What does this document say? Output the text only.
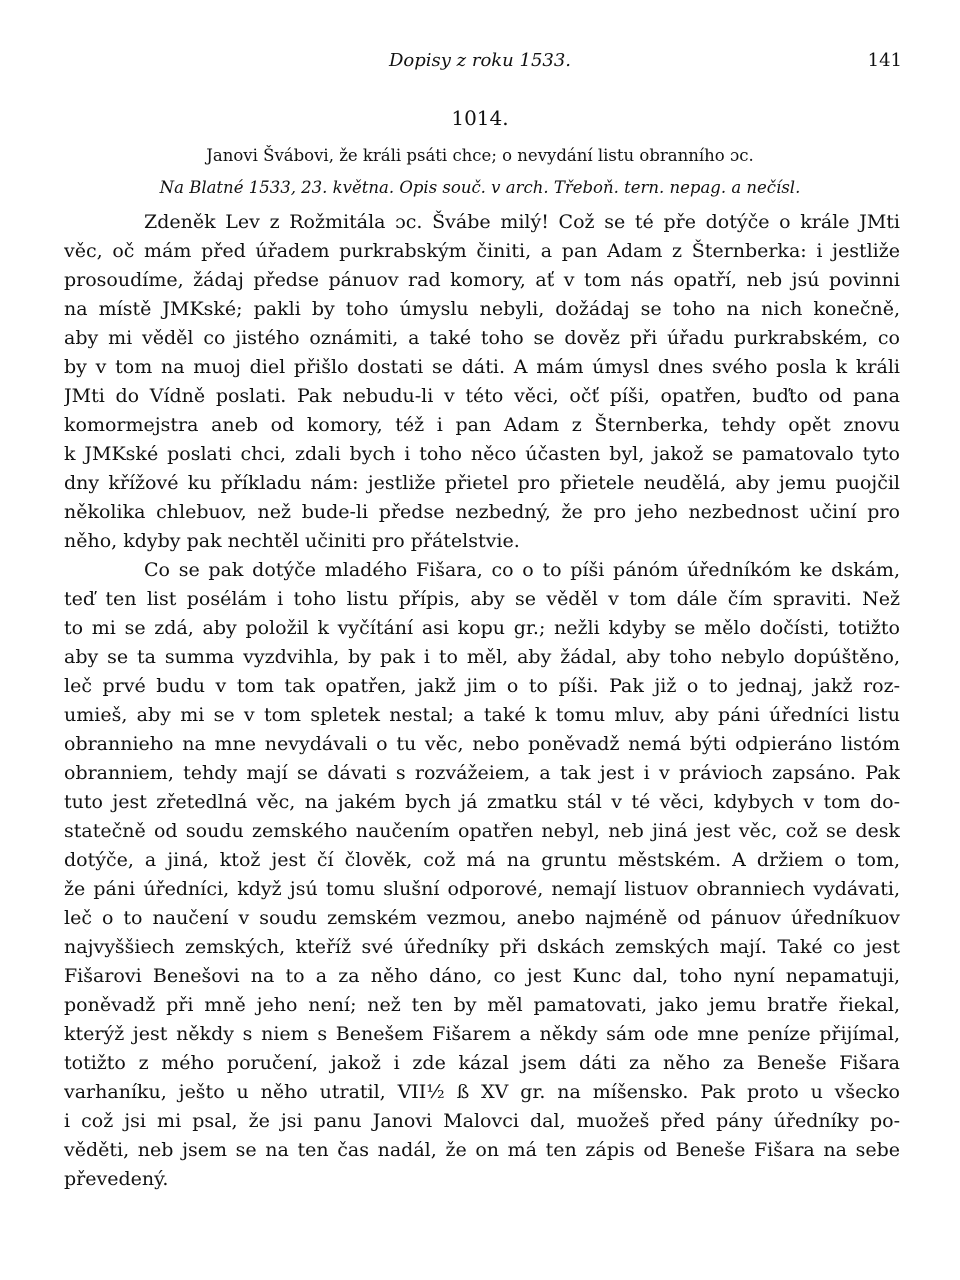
Dopisy z roku 1533.	141
1014.
Janovi Švábovi, že králi psáti chce; o nevydání listu obranního ɔc.
Na Blatné 1533, 23. května. Opis souč. v arch. Třeboň. tern. nepag. a nečísl.
Zdeněk Lev z Rožmitála ɔc. Švábe milý! Což se té pře dotýče o krále JMti
věc, oč mám před úřadem purkrabským činiti, a pan Adam z Šternberka: i jestliže
prosoudíme, žádaj předse pánuov rad komory, ať v tom nás opatří, neb jsú povinni
na místě JMKské; pakli by toho úmyslu nebyli, dožádaj se toho na nich konečně,
aby mi věděl co jistého oznámiti, a také toho se dověz při úřadu purkrabském, co
by v tom na muoj diel přišlo dostati se dáti. A mám úmysl dnes svého posla k králi
JMti do Vídně poslati. Pak nebudu-li v této věci, očť píši, opatřen, buďto od pana
komormejstra aneb od komory, též i pan Adam z Šternberka, tehdy opět znovu
k JMKské poslati chci, zdali bych i toho něco účasten byl, jakož se pamatovalo tyto
dny křížové ku příkladu nám: jestliže přietel pro přietele neudělá, aby jemu puojčil
několika chlebuov, než bude-li předse nezbedný, že pro jeho nezbednost učiní pro
něho, kdyby pak nechtěl učiniti pro přátelstvie.
Co se pak dotýče mladého Fišara, co o to píši pánóm úředníkóm ke dskám,
teď ten list posélám i toho listu přípis, aby se věděl v tom dále čím spraviti. Než
to mi se zdá, aby položil k vyčítání asi kopu gr.; nežli kdyby se mělo dočísti, totižto
aby se ta summa vyzdvihla, by pak i to měl, aby žádal, aby toho nebylo dopúštěno,
leč prvé budu v tom tak opatřen, jakž jim o to píši. Pak již o to jednaj, jakž roz-
umieš, aby mi se v tom spletek nestal; a také k tomu mluv, aby páni úředníci listu
obrannieho na mne nevydávali o tu věc, nebo poněvadž nemá býti odpieráno listóm
obranniem, tehdy mají se dávati s rozvážeiem, a tak jest i v právioch zapsáno. Pak
tuto jest zřetedlná věc, na jakém bych já zmatku stál v té věci, kdybych v tom do-
statečně od soudu zemského naučením opatřen nebyl, neb jiná jest věc, což se desk
dotýče, a jiná, ktož jest čí člověk, což má na gruntu městském. A držiem o tom,
že páni úředníci, když jsú tomu slušní odporové, nemají listuov obranniech vydávati,
leč o to naučení v soudu zemském vezmou, anebo najméně od pánuov úředníkuov
najvyššiech zemských, kteříž své úředníky při dskách zemských mají. Také co jest
Fišarovi Benešovi na to a za něho dáno, co jest Kunc dal, toho nyní nepamatuji,
poněvadž při mně jeho není; než ten by měl pamatovati, jako jemu bratře řiekal,
kterýž jest někdy s niem s Benešem Fišarem a někdy sám ode mne peníze přijímal,
totižto z mého poručení, jakož i zde kázal jsem dáti za něho za Beneše Fišara
varhaníku, ješto u něho utratil, VII½ ß XV gr. na míšensko. Pak proto u všecko
i což jsi mi psal, že jsi panu Janovi Malovci dal, muožeš před pány úředníky po-
věděti, neb jsem se na ten čas nadál, že on má ten zápis od Beneše Fišara na sebe
převedený.
